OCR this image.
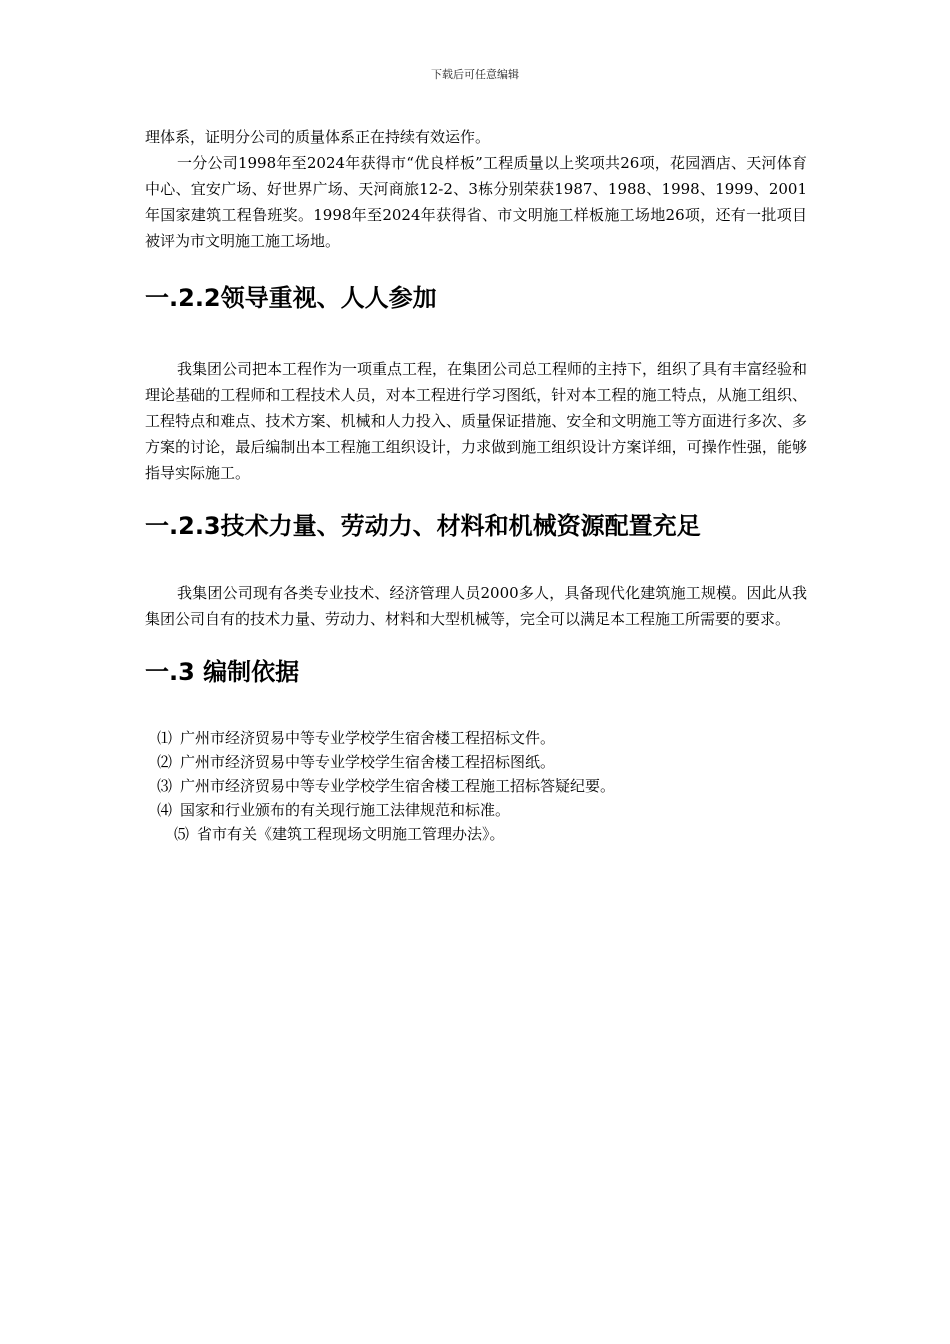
下载后可任意编辑

理体系，证明分公司的质量体系正在持续有效运作。

一分公司1998年至2024年获得市“优良样板”工程质量以上奖项共26项，花园酒店、天河体育中心、宜安广场、好世界广场、天河商旅12-2、3栋分别荣获1987、1988、1998、1999、2001年国家建筑工程鲁班奖。1998年至2024年获得省、市文明施工样板施工场地26项，还有一批项目被评为市文明施工施工场地。

一.2.2领导重视、人人参加

我集团公司把本工程作为一项重点工程，在集团公司总工程师的主持下，组织了具有丰富经验和理论基础的工程师和工程技术人员，对本工程进行学习图纸，针对本工程的施工特点，从施工组织、工程特点和难点、技术方案、机械和人力投入、质量保证措施、安全和文明施工等方面进行多次、多方案的讨论，最后编制出本工程施工组织设计，力求做到施工组织设计方案详细，可操作性强，能够指导实际施工。

一.2.3技术力量、劳动力、材料和机械资源配置充足

我集团公司现有各类专业技术、经济管理人员2000多人，具备现代化建筑施工规模。因此从我集团公司自有的技术力量、劳动力、材料和大型机械等，完全可以满足本工程施工所需要的要求。

一.3 编制依据
⑴ 广州市经济贸易中等专业学校学生宿舍楼工程招标文件。
⑵ 广州市经济贸易中等专业学校学生宿舍楼工程招标图纸。
⑶ 广州市经济贸易中等专业学校学生宿舍楼工程施工招标答疑纪要。
⑷ 国家和行业颁布的有关现行施工法律规范和标准。
⑸ 省市有关《建筑工程现场文明施工管理办法》。
